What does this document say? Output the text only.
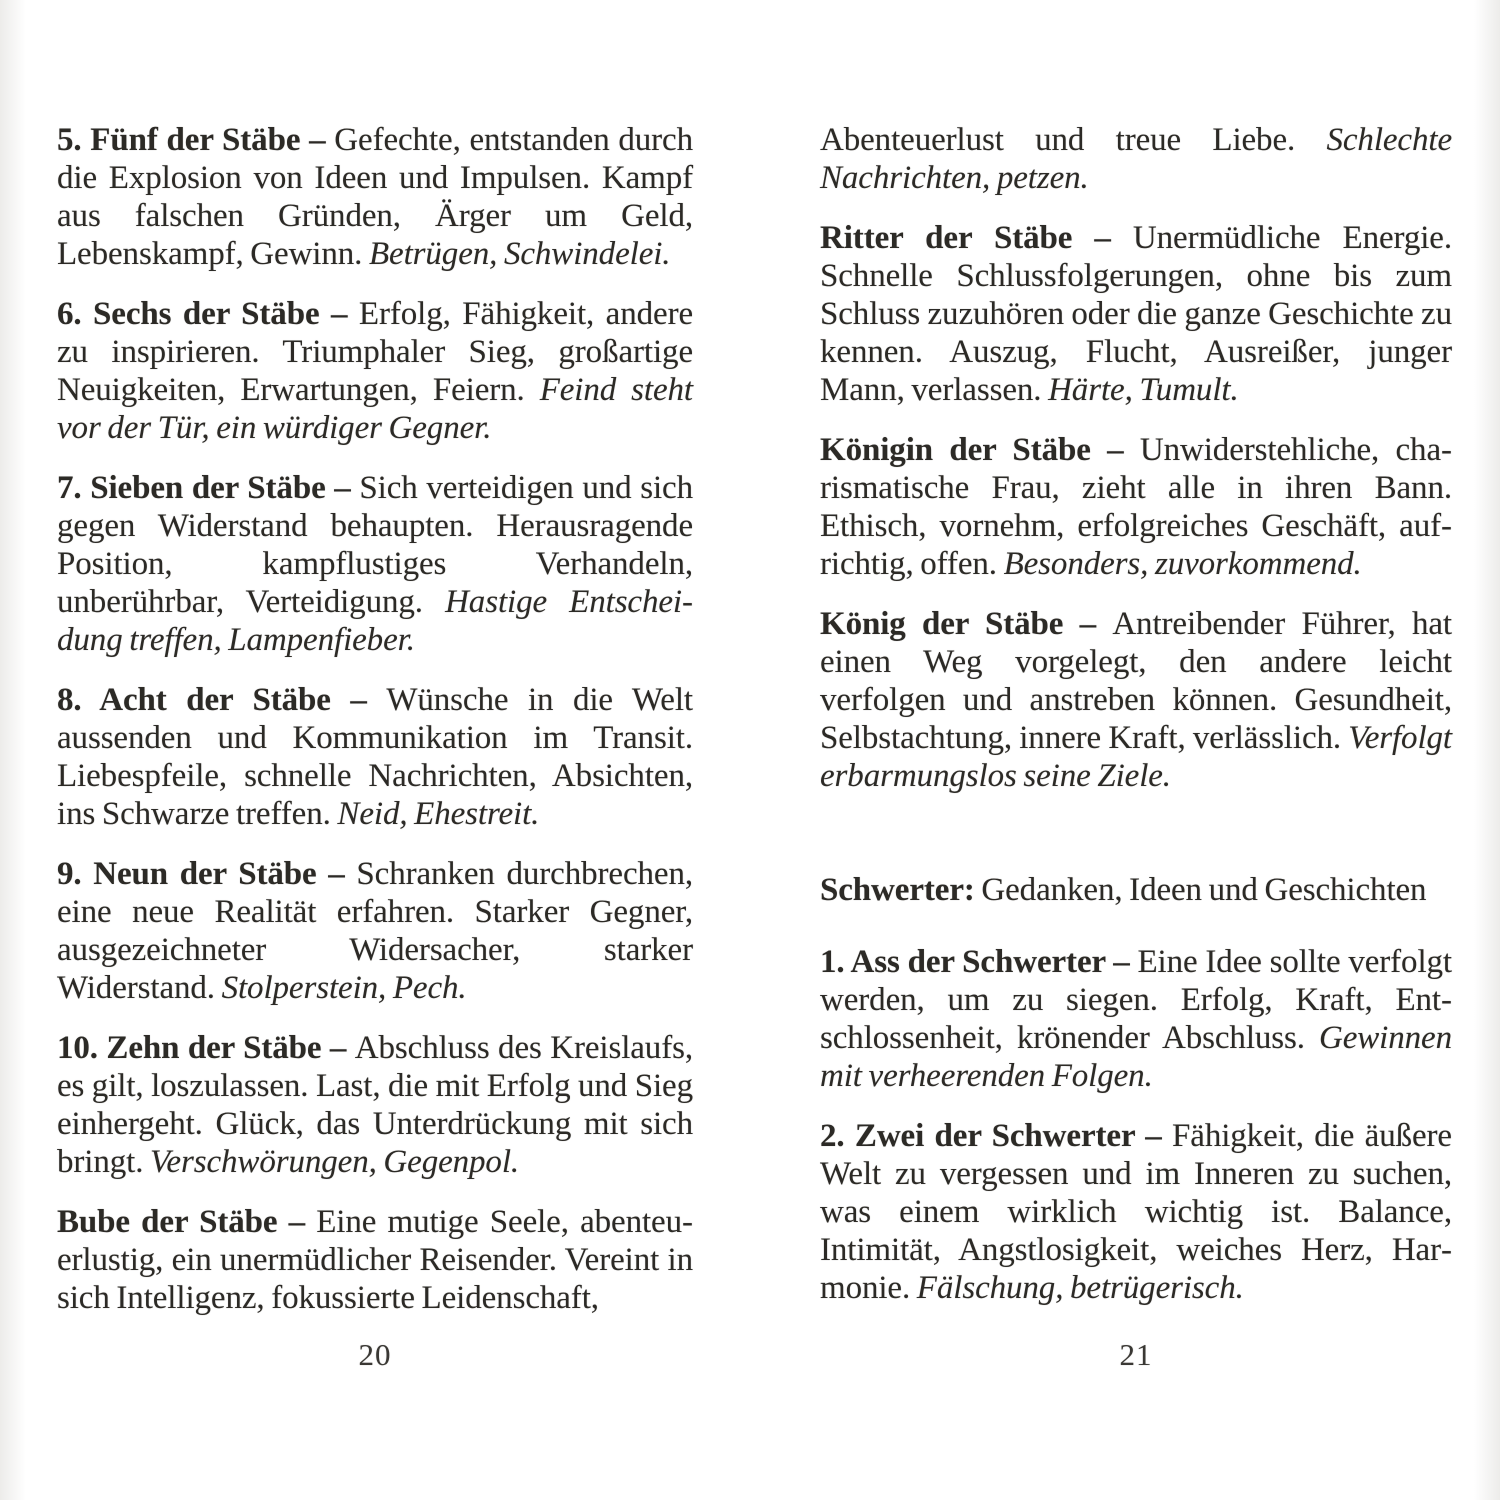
5. Fünf der Stäbe – Gefechte, entstanden durch die Explosion von Ideen und Impulsen. Kampf aus falschen Gründen, Ärger um Geld, Lebenskampf, Gewinn. Betrügen, Schwindelei.

6. Sechs der Stäbe – Erfolg, Fähigkeit, andere zu inspirieren. Triumphaler Sieg, großartige Neuigkeiten, Erwartungen, Feiern. Feind steht vor der Tür, ein würdiger Gegner.

7. Sieben der Stäbe – Sich verteidigen und sich gegen Widerstand behaupten. Herausragende Position, kampflustiges Verhandeln, unberührbar, Verteidigung. Hastige Entscheidung treffen, Lampenfieber.

8. Acht der Stäbe – Wünsche in die Welt aussenden und Kommunikation im Transit. Liebespfeile, schnelle Nachrichten, Absichten, ins Schwarze treffen. Neid, Ehestreit.

9. Neun der Stäbe – Schranken durchbrechen, eine neue Realität erfahren. Starker Gegner, ausgezeichneter Widersacher, starker Widerstand. Stolperstein, Pech.

10. Zehn der Stäbe – Abschluss des Kreislaufs, es gilt, loszulassen. Last, die mit Erfolg und Sieg einhergeht. Glück, das Unterdrückung mit sich bringt. Verschwörungen, Gegenpol.

Bube der Stäbe – Eine mutige Seele, abenteuerlustig, ein unermüdlicher Reisender. Vereint in sich Intelligenz, fokussierte Leidenschaft,

20

Abenteuerlust und treue Liebe. Schlechte Nachrichten, petzen.

Ritter der Stäbe – Unermüdliche Energie. Schnelle Schlussfolgerungen, ohne bis zum Schluss zuzuhören oder die ganze Geschichte zu kennen. Auszug, Flucht, Ausreißer, junger Mann, verlassen. Härte, Tumult.

Königin der Stäbe – Unwiderstehliche, charismatische Frau, zieht alle in ihren Bann. Ethisch, vornehm, erfolgreiches Geschäft, aufrichtig, offen. Besonders, zuvorkommend.

König der Stäbe – Antreibender Führer, hat einen Weg vorgelegt, den andere leicht verfolgen und anstreben können. Gesundheit, Selbstachtung, innere Kraft, verlässlich. Verfolgt erbarmungslos seine Ziele.

Schwerter: Gedanken, Ideen und Geschichten

1. Ass der Schwerter – Eine Idee sollte verfolgt werden, um zu siegen. Erfolg, Kraft, Entschlossenheit, krönender Abschluss. Gewinnen mit verheerenden Folgen.

2. Zwei der Schwerter – Fähigkeit, die äußere Welt zu vergessen und im Inneren zu suchen, was einem wirklich wichtig ist. Balance, Intimität, Angstlosigkeit, weiches Herz, Harmonie. Fälschung, betrügerisch.

21
